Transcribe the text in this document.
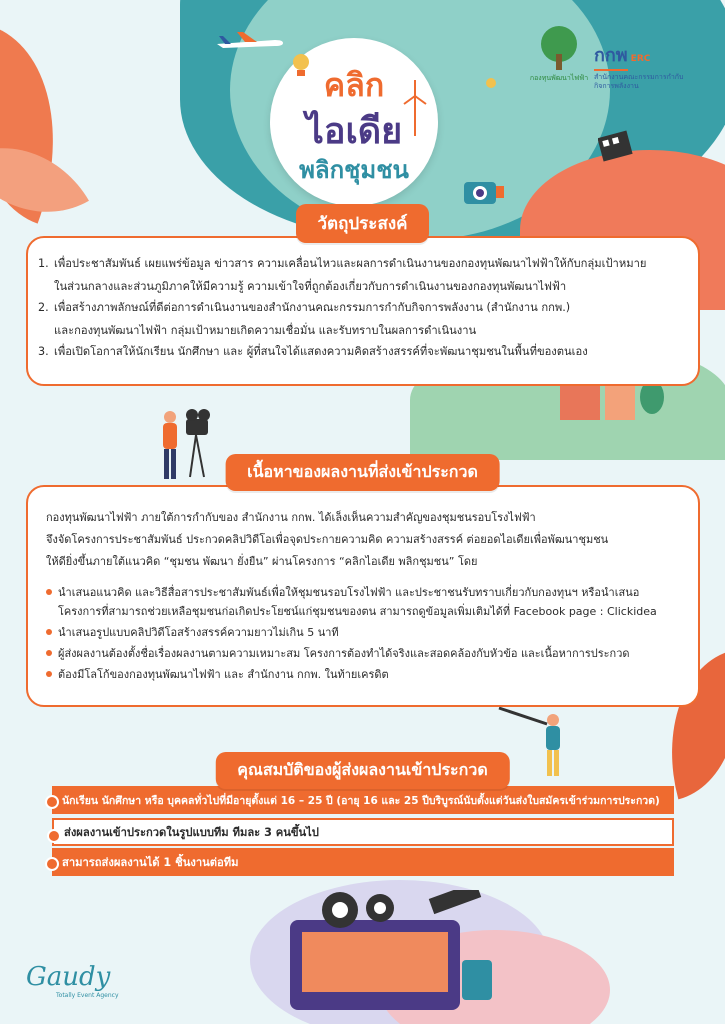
คลิก
ไอเดีย
พลิกชุมชน
กองทุนพัฒนาไฟฟ้า
กกพ ERC
สำนักงานคณะกรรมการกำกับกิจการพลังงาน
วัตถุประสงค์
1. เพื่อประชาสัมพันธ์ เผยแพร่ข้อมูล ข่าวสาร ความเคลื่อนไหวและผลการดำเนินงานของกองทุนพัฒนาไฟฟ้าให้กับกลุ่มเป้าหมาย
ในส่วนกลางและส่วนภูมิภาคให้มีความรู้ ความเข้าใจที่ถูกต้องเกี่ยวกับการดำเนินงานของกองทุนพัฒนาไฟฟ้า
2. เพื่อสร้างภาพลักษณ์ที่ดีต่อการดำเนินงานของสำนักงานคณะกรรมการกำกับกิจการพลังงาน (สำนักงาน กกพ.)
และกองทุนพัฒนาไฟฟ้า กลุ่มเป้าหมายเกิดความเชื่อมั่น และรับทราบในผลการดำเนินงาน
3. เพื่อเปิดโอกาสให้นักเรียน นักศึกษา และ ผู้ที่สนใจได้แสดงความคิดสร้างสรรค์ที่จะพัฒนาชุมชนในพื้นที่ของตนเอง
เนื้อหาของผลงานที่ส่งเข้าประกวด

กองทุนพัฒนาไฟฟ้า ภายใต้การกำกับของ สำนักงาน กกพ. ได้เล็งเห็นความสำคัญของชุมชนรอบโรงไฟฟ้า

จึงจัดโครงการประชาสัมพันธ์ ประกวดคลิปวิดีโอเพื่อจุดประกายความคิด ความสร้างสรรค์ ต่อยอดไอเดียเพื่อพัฒนาชุมชน

ให้ดียิ่งขึ้นภายใต้แนวคิด “ชุมชน พัฒนา ยั่งยืน” ผ่านโครงการ “คลิกไอเดีย พลิกชุมชน” โดย

นำเสนอแนวคิด และวิธีสื่อสารประชาสัมพันธ์เพื่อให้ชุมชนรอบโรงไฟฟ้า และประชาชนรับทราบเกี่ยวกับกองทุนฯ หรือนำเสนอ
โครงการที่สามารถช่วยเหลือชุมชนก่อเกิดประโยชน์แก่ชุมชนของตน สามารถดูข้อมูลเพิ่มเติมได้ที่ Facebook page : Clickidea
นำเสนอรูปแบบคลิปวิดีโอสร้างสรรค์ความยาวไม่เกิน 5 นาที
ผู้ส่งผลงานต้องตั้งชื่อเรื่องผลงานตามความเหมาะสม โครงการต้องทำได้จริงและสอดคล้องกับหัวข้อ และเนื้อหาการประกวด
ต้องมีโลโก้ของกองทุนพัฒนาไฟฟ้า และ สำนักงาน กกพ. ในท้ายเครดิต
คุณสมบัติของผู้ส่งผลงานเข้าประกวด
นักเรียน นักศึกษา หรือ บุคคลทั่วไปที่มีอายุตั้งแต่ 16 – 25 ปี (อายุ 16 และ 25 ปีบริบูรณ์นับตั้งแต่วันส่งใบสมัครเข้าร่วมการประกวด)
ส่งผลงานเข้าประกวดในรูปแบบทีม ทีมละ 3 คนขึ้นไป
สามารถส่งผลงานได้ 1 ชิ้นงานต่อทีม
Gaudy
Totally Event Agency
